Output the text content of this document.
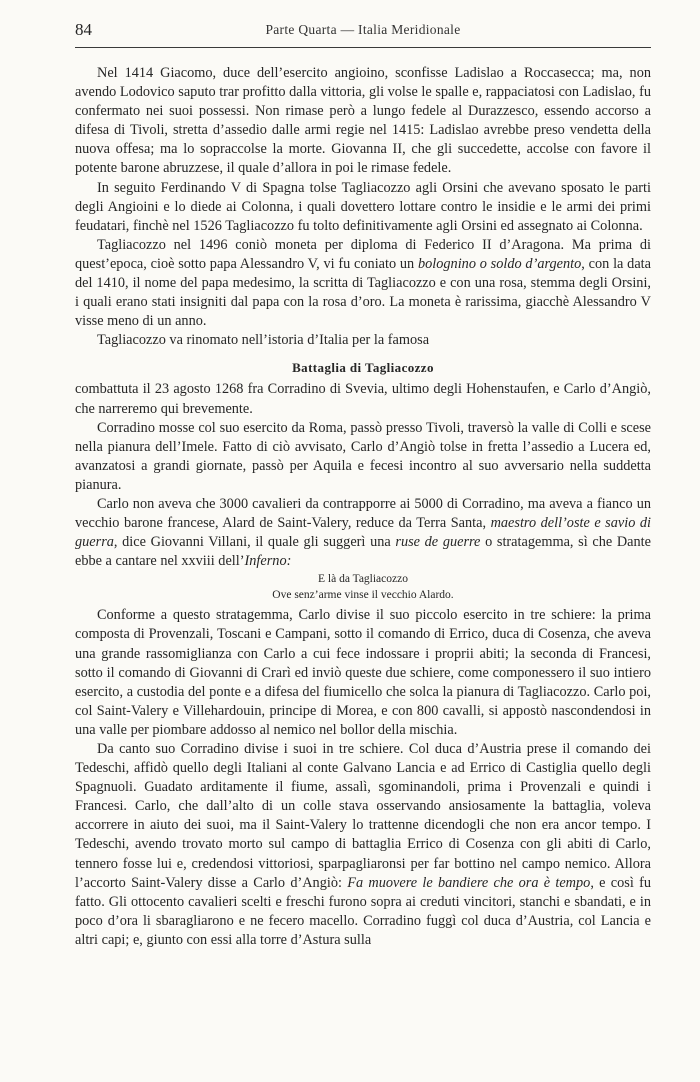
84	Parte Quarta — Italia Meridionale

Nel 1414 Giacomo, duce dell’esercito angioino, sconfisse Ladislao a Roccasecca; ma, non avendo Lodovico saputo trar profitto dalla vittoria, gli volse le spalle e, rappaciatosi con Ladislao, fu confermato nei suoi possessi. Non rimase però a lungo fedele al Durazzesco, essendo accorso a difesa di Tivoli, stretta d’assedio dalle armi regie nel 1415: Ladislao avrebbe preso vendetta della nuova offesa; ma lo sopraccolse la morte. Giovanna II, che gli succedette, accolse con favore il potente barone abruzzese, il quale d’allora in poi le rimase fedele.

In seguito Ferdinando V di Spagna tolse Tagliacozzo agli Orsini che avevano sposato le parti degli Angioini e lo diede ai Colonna, i quali dovettero lottare contro le insidie e le armi dei primi feudatari, finchè nel 1526 Tagliacozzo fu tolto definitivamente agli Orsini ed assegnato ai Colonna.

Tagliacozzo nel 1496 coniò moneta per diploma di Federico II d’Aragona. Ma prima di quest’epoca, cioè sotto papa Alessandro V, vi fu coniato un bolognino o soldo d’argento, con la data del 1410, il nome del papa medesimo, la scritta di Tagliacozzo e con una rosa, stemma degli Orsini, i quali erano stati insigniti dal papa con la rosa d’oro. La moneta è rarissima, giacchè Alessandro V visse meno di un anno.

Tagliacozzo va rinomato nell’istoria d’Italia per la famosa

Battaglia di Tagliacozzo

combattuta il 23 agosto 1268 fra Corradino di Svevia, ultimo degli Hohenstaufen, e Carlo d’Angiò, che narreremo qui brevemente.

Corradino mosse col suo esercito da Roma, passò presso Tivoli, traversò la valle di Colli e scese nella pianura dell’Imele. Fatto di ciò avvisato, Carlo d’Angiò tolse in fretta l’assedio a Lucera ed, avanzatosi a grandi giornate, passò per Aquila e fecesi incontro al suo avversario nella suddetta pianura.

Carlo non aveva che 3000 cavalieri da contrapporre ai 5000 di Corradino, ma aveva a fianco un vecchio barone francese, Alard de Saint-Valery, reduce da Terra Santa, maestro dell’oste e savio di guerra, dice Giovanni Villani, il quale gli suggerì una ruse de guerre o stratagemma, sì che Dante ebbe a cantare nel xxviii dell’Inferno:

E là da Tagliacozzo
Ove senz’arme vinse il vecchio Alardo.

Conforme a questo stratagemma, Carlo divise il suo piccolo esercito in tre schiere: la prima composta di Provenzali, Toscani e Campani, sotto il comando di Errico, duca di Cosenza, che aveva una grande rassomiglianza con Carlo a cui fece indossare i proprii abiti; la seconda di Francesi, sotto il comando di Giovanni di Crarì ed inviò queste due schiere, come componessero il suo intiero esercito, a custodia del ponte e a difesa del fiumicello che solca la pianura di Tagliacozzo. Carlo poi, col Saint-Valery e Villehardouin, principe di Morea, e con 800 cavalli, si appostò nascondendosi in una valle per piombare addosso al nemico nel bollor della mischia.

Da canto suo Corradino divise i suoi in tre schiere. Col duca d’Austria prese il comando dei Tedeschi, affidò quello degli Italiani al conte Galvano Lancia e ad Errico di Castiglia quello degli Spagnuoli. Guadato arditamente il fiume, assalì, sgominandoli, prima i Provenzali e quindi i Francesi. Carlo, che dall’alto di un colle stava osservando ansiosamente la battaglia, voleva accorrere in aiuto dei suoi, ma il Saint-Valery lo trattenne dicendogli che non era ancor tempo. I Tedeschi, avendo trovato morto sul campo di battaglia Errico di Cosenza con gli abiti di Carlo, tennero fosse lui e, credendosi vittoriosi, sparpagliaronsi per far bottino nel campo nemico. Allora l’accorto Saint-Valery disse a Carlo d’Angiò: Fa muovere le bandiere che ora è tempo, e così fu fatto. Gli ottocento cavalieri scelti e freschi furono sopra ai creduti vincitori, stanchi e sbandati, e in poco d’ora li sbaragliarono e ne fecero macello. Corradino fuggì col duca d’Austria, col Lancia e altri capi; e, giunto con essi alla torre d’Astura sulla
